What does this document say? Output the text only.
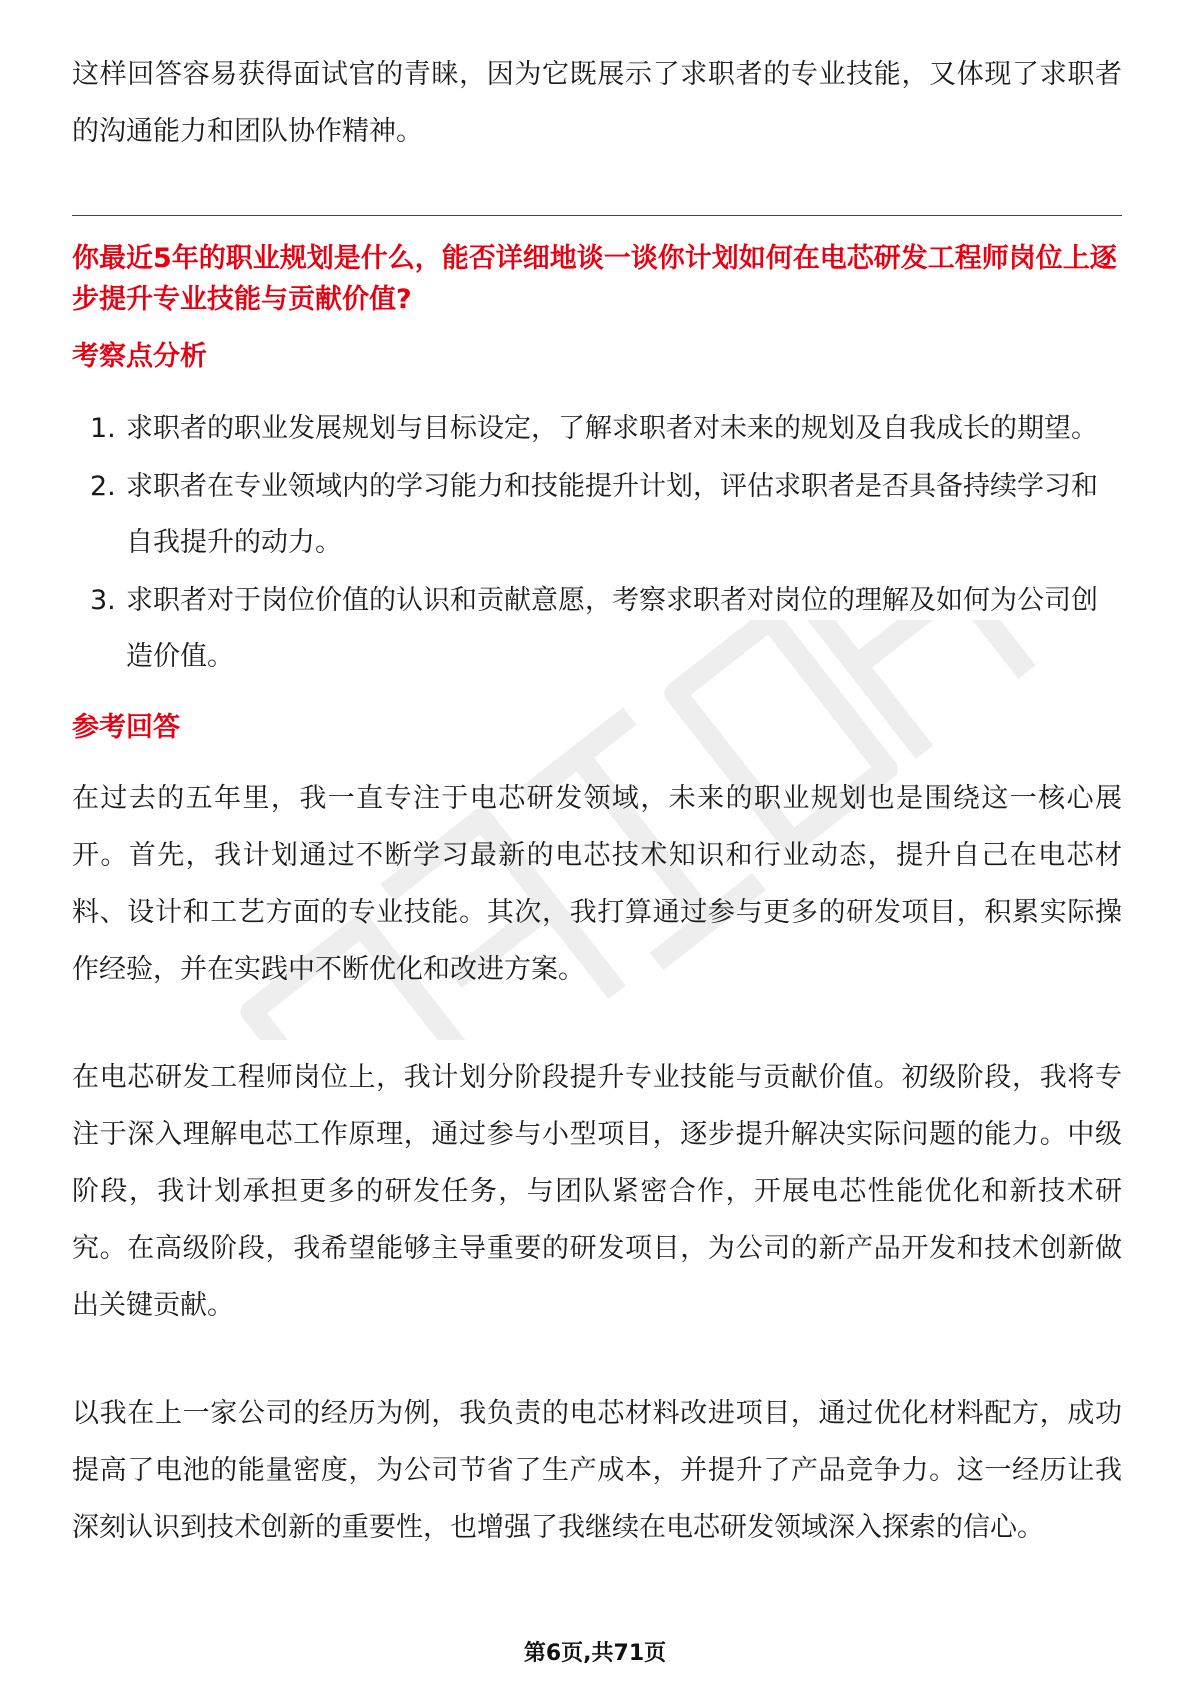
这样回答容易获得面试官的青睐，因为它既展示了求职者的专业技能，又体现了求职者的沟通能力和团队协作精神。

你最近5年的职业规划是什么，能否详细地谈一谈你计划如何在电芯研发工程师岗位上逐步提升专业技能与贡献价值?

考察点分析

1. 求职者的职业发展规划与目标设定，了解求职者对未来的规划及自我成长的期望。
2. 求职者在专业领域内的学习能力和技能提升计划，评估求职者是否具备持续学习和自我提升的动力。
3. 求职者对于岗位价值的认识和贡献意愿，考察求职者对岗位的理解及如何为公司创造价值。

参考回答

在过去的五年里，我一直专注于电芯研发领域，未来的职业规划也是围绕这一核心展开。首先，我计划通过不断学习最新的电芯技术知识和行业动态，提升自己在电芯材料、设计和工艺方面的专业技能。其次，我打算通过参与更多的研发项目，积累实际操作经验，并在实践中不断优化和改进方案。

在电芯研发工程师岗位上，我计划分阶段提升专业技能与贡献价值。初级阶段，我将专注于深入理解电芯工作原理，通过参与小型项目，逐步提升解决实际问题的能力。中级阶段，我计划承担更多的研发任务，与团队紧密合作，开展电芯性能优化和新技术研究。在高级阶段，我希望能够主导重要的研发项目，为公司的新产品开发和技术创新做出关键贡献。

以我在上一家公司的经历为例，我负责的电芯材料改进项目，通过优化材料配方，成功提高了电池的能量密度，为公司节省了生产成本，并提升了产品竞争力。这一经历让我深刻认识到技术创新的重要性，也增强了我继续在电芯研发领域深入探索的信心。

第6页,共71页
